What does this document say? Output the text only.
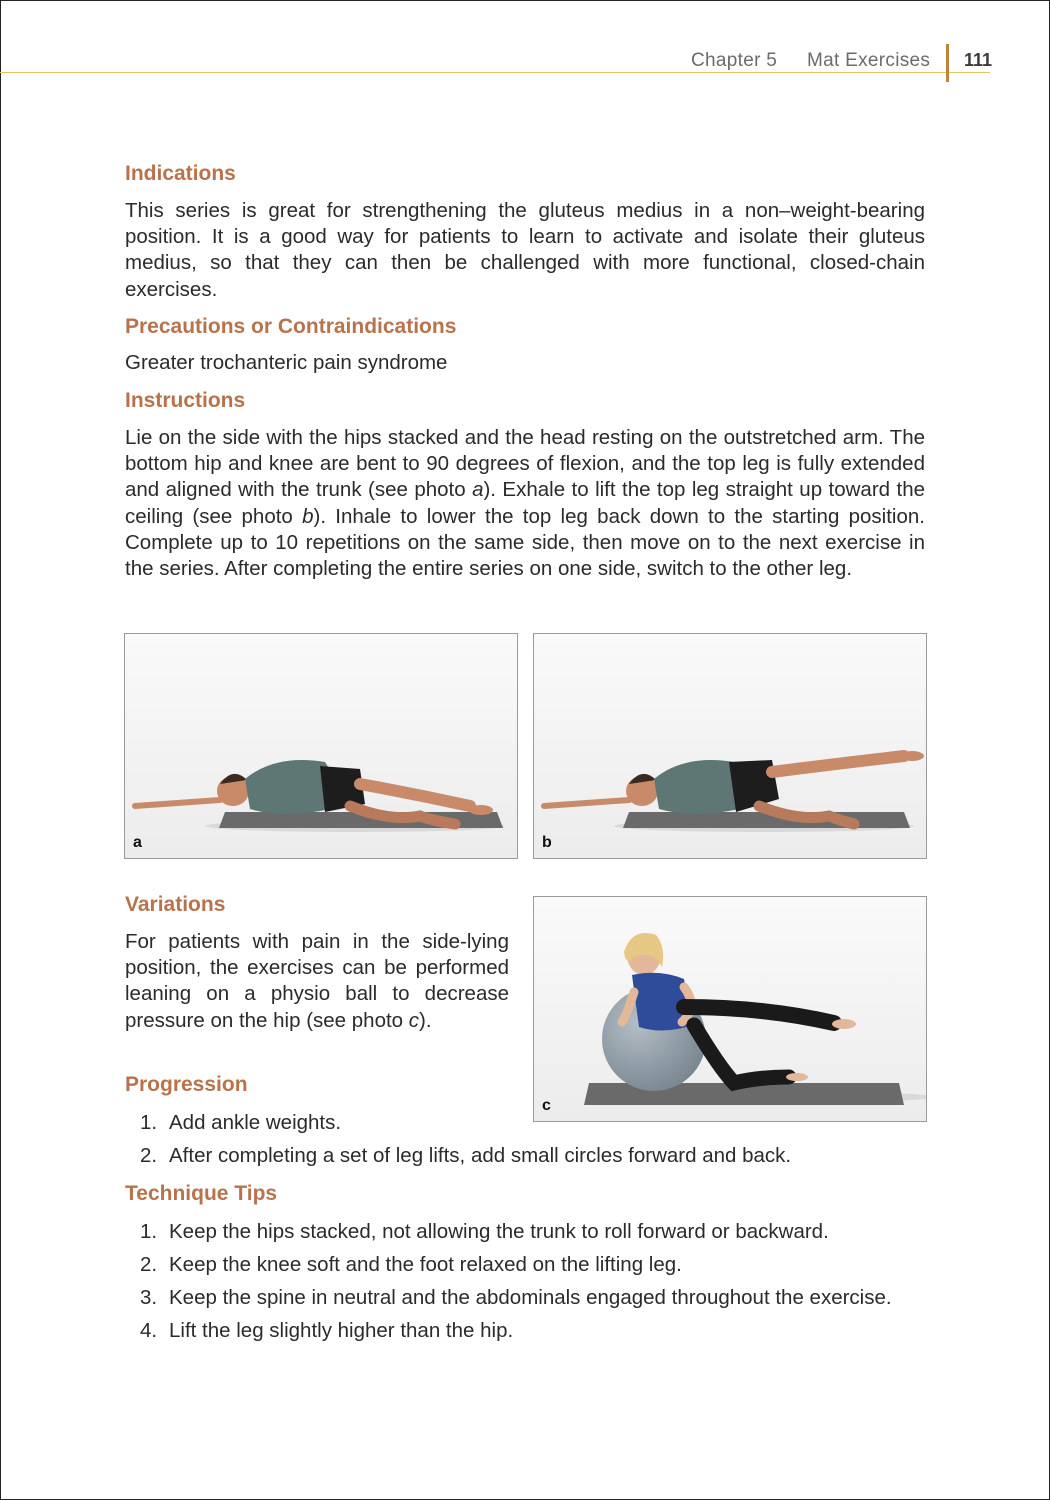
Chapter 5 Mat Exercises 111
Indications

This series is great for strengthening the gluteus medius in a non–weight-bearing position. It is a good way for patients to learn to activate and isolate their gluteus medius, so that they can then be challenged with more functional, closed-chain exercises.

Precautions or Contraindications

Greater trochanteric pain syndrome

Instructions

Lie on the side with the hips stacked and the head resting on the outstretched arm. The bottom hip and knee are bent to 90 degrees of flexion, and the top leg is fully extended and aligned with the trunk (see photo a). Exhale to lift the top leg straight up toward the ceiling (see photo b). Inhale to lower the top leg back down to the starting position. Complete up to 10 repetitions on the same side, then move on to the next exercise in the series. After completing the entire series on one side, switch to the other leg.

a	b
Variations

For patients with pain in the side-lying position, the exercises can be performed leaning on a physio ball to decrease pressure on the hip (see photo c).

c
Progression
1. Add ankle weights.
2. After completing a set of leg lifts, add small circles forward and back.
Technique Tips
1. Keep the hips stacked, not allowing the trunk to roll forward or backward.
2. Keep the knee soft and the foot relaxed on the lifting leg.
3. Keep the spine in neutral and the abdominals engaged throughout the exercise.
4. Lift the leg slightly higher than the hip.
